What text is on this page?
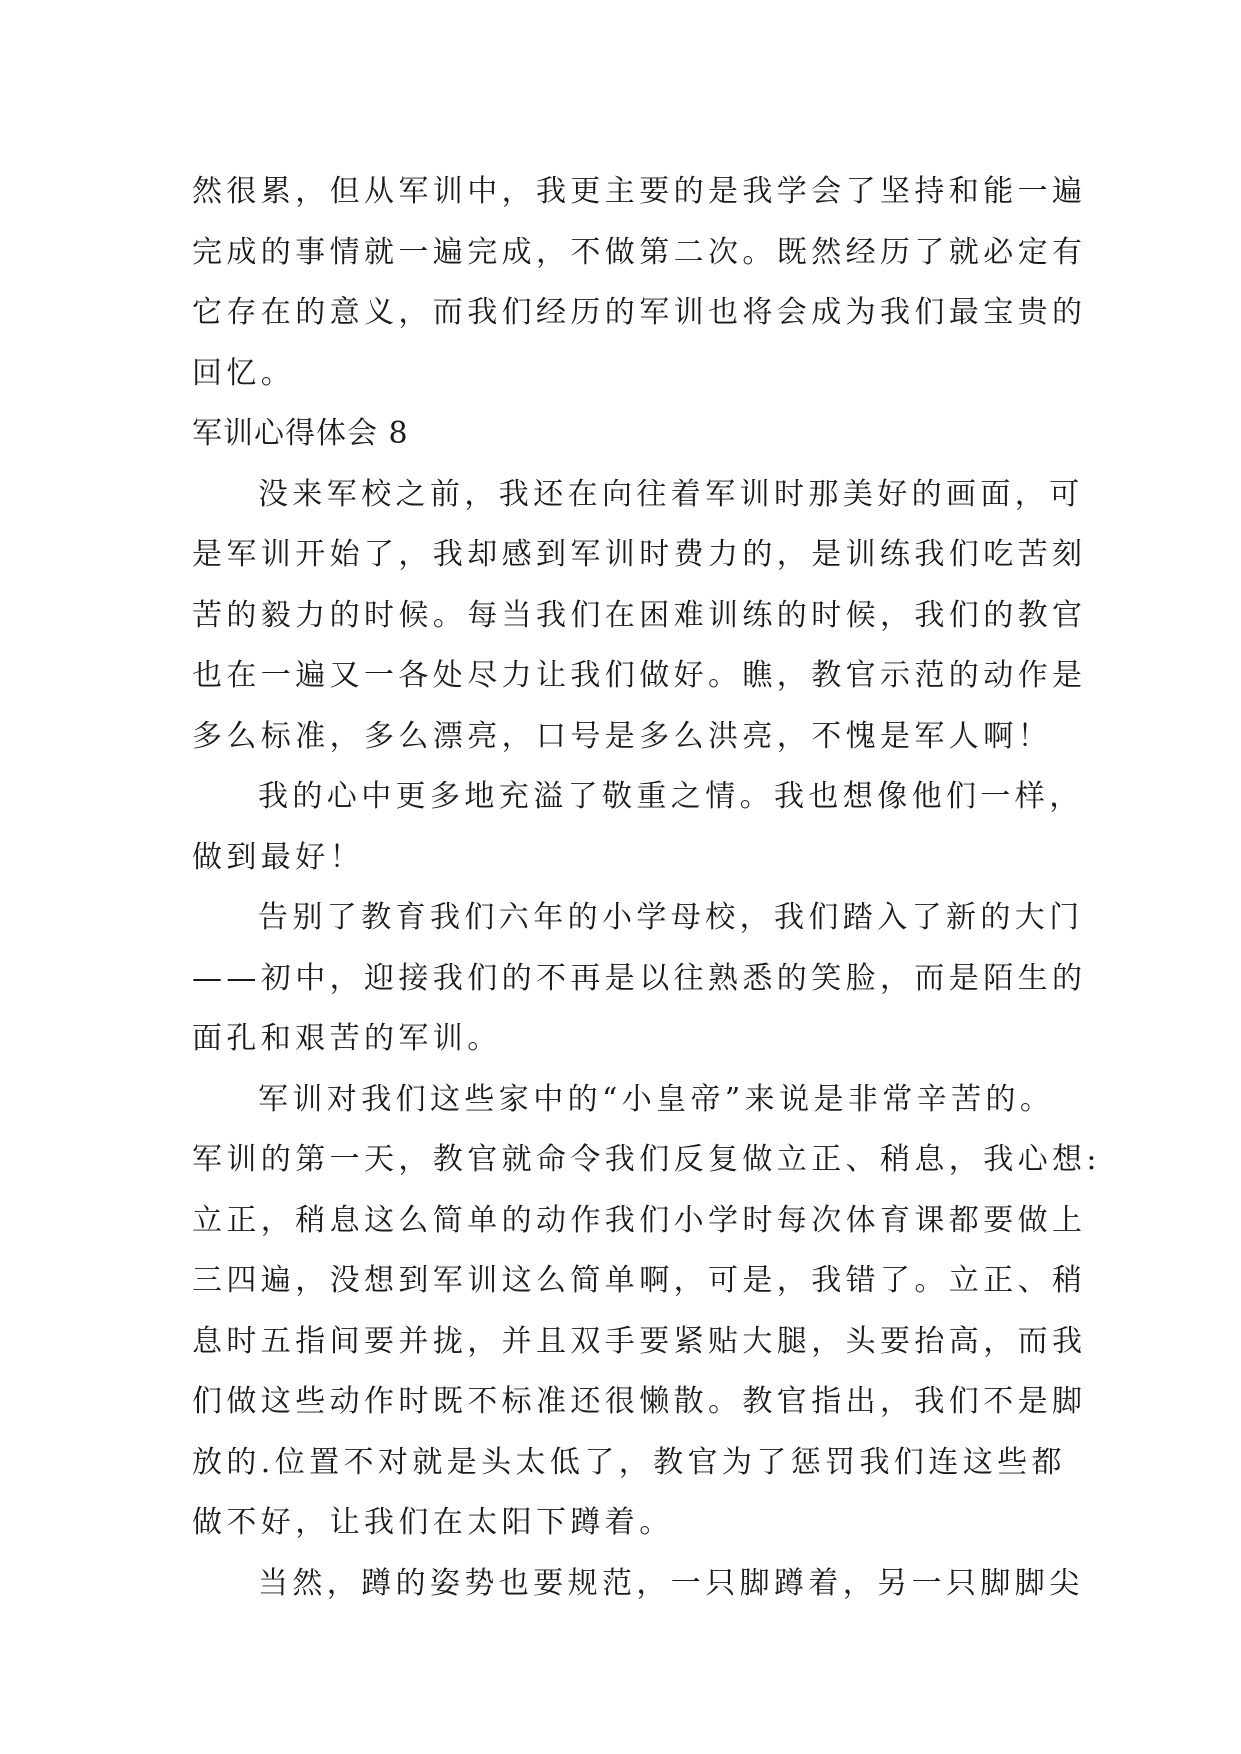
然很累，但从军训中，我更主要的是我学会了坚持和能一遍
完成的事情就一遍完成，不做第二次。既然经历了就必定有
它存在的意义，而我们经历的军训也将会成为我们最宝贵的
回忆。
军训心得体会 8
没来军校之前，我还在向往着军训时那美好的画面，可
是军训开始了，我却感到军训时费力的，是训练我们吃苦刻
苦的毅力的时候。每当我们在困难训练的时候，我们的教官
也在一遍又一各处尽力让我们做好。瞧，教官示范的动作是
多么标准，多么漂亮，口号是多么洪亮，不愧是军人啊！
我的心中更多地充溢了敬重之情。我也想像他们一样，
做到最好！
告别了教育我们六年的小学母校，我们踏入了新的大门
——初中，迎接我们的不再是以往熟悉的笑脸，而是陌生的
面孔和艰苦的军训。
军训对我们这些家中的“小皇帝”来说是非常辛苦的。
军训的第一天，教官就命令我们反复做立正、稍息，我心想:
立正，稍息这么简单的动作我们小学时每次体育课都要做上
三四遍，没想到军训这么简单啊，可是，我错了。立正、稍
息时五指间要并拢，并且双手要紧贴大腿，头要抬高，而我
们做这些动作时既不标准还很懒散。教官指出，我们不是脚
放的.位置不对就是头太低了，教官为了惩罚我们连这些都
做不好，让我们在太阳下蹲着。
当然，蹲的姿势也要规范，一只脚蹲着，另一只脚脚尖
